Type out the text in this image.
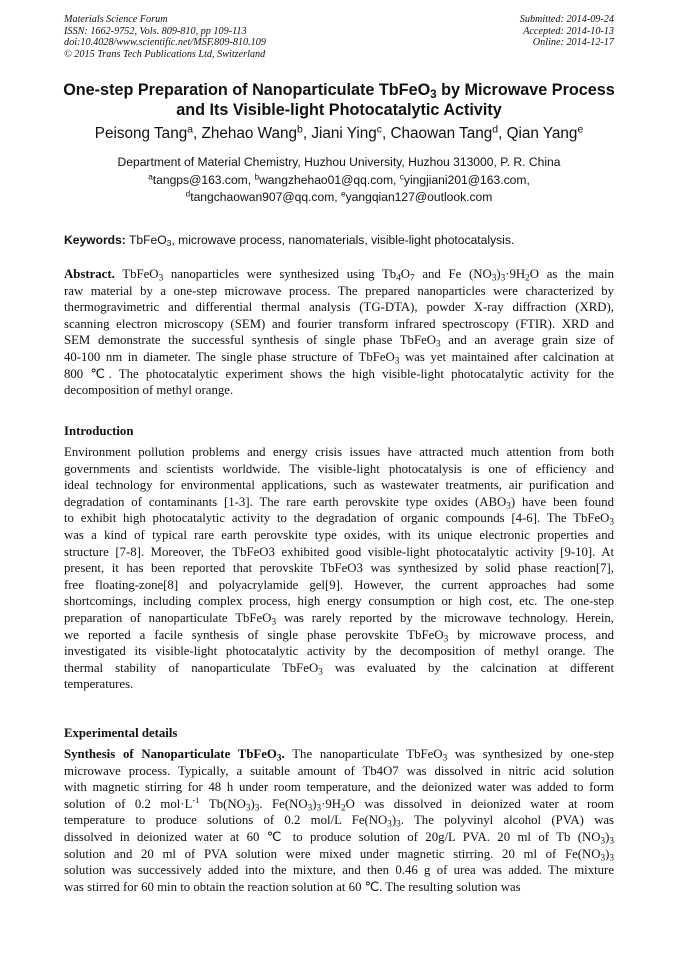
Materials Science Forum
ISSN: 1662-9752, Vols. 809-810, pp 109-113
doi:10.4028/www.scientific.net/MSF.809-810.109
© 2015 Trans Tech Publications Ltd, Switzerland
Submitted: 2014-09-24
Accepted: 2014-10-13
Online: 2014-12-17
One-step Preparation of Nanoparticulate TbFeO$_3$ by Microwave Process
and Its Visible-light Photocatalytic Activity
Peisong Tang$^a$, Zhehao Wang$^b$, Jiani Ying$^c$, Chaowan Tang$^d$, Qian Yang$^e$
Department of Material Chemistry, Huzhou University, Huzhou 313000, P. R. China
$^a$tangps@163.com, $^b$wangzhehao01@qq.com, $^c$yingjiani201@163.com,
$^d$tangchaowan907@qq.com, $^e$yangqian127@outlook.com
Keywords: TbFeO$_3$, microwave process, nanomaterials, visible-light photocatalysis.
Abstract. TbFeO$_3$ nanoparticles were synthesized using $Tb_4O_7$ and Fe $(NO_3)_3\cdot 9H_2O$ as the main
raw material by a one-step microwave process. The prepared nanoparticles were characterized by
thermogravimetric and differential thermal analysis (TG-DTA), powder X-ray diffraction (XRD),
scanning electron microscopy (SEM) and fourier transform infrared spectroscopy (FTIR). XRD and
SEM demonstrate the successful synthesis of single phase TbFeO$_3$ and an average grain size of
40-100 nm in diameter. The single phase structure of TbFeO$_3$ was yet maintained after calcination at
800 ℃. The photocatalytic experiment shows the high visible-light photocatalytic activity for the
decomposition of methyl orange.
Introduction
Environment pollution problems and energy crisis issues have attracted much attention from both
governments and scientists worldwide. The visible-light photocatalysis is one of efficiency and
ideal technology for environmental applications, such as wastewater treatments, air purification and
degradation of contaminants [1-3]. The rare earth perovskite type oxides $(ABO_3)$ have been found
to exhibit high photocatalytic activity to the degradation of organic compounds [4-6]. The TbFeO$_3$
was a kind of typical rare earth perovskite type oxides, with its unique electronic properties and
structure [7-8]. Moreover, the TbFeO3 exhibited good visible-light photocatalytic activity [9-10]. At
present, it has been reported that perovskite TbFeO3 was synthesized by solid phase reaction[7],
free floating-zone[8] and polyacrylamide gel[9]. However, the current approaches had some
shortcomings, including complex process, high energy consumption or high cost, etc. The one-step
preparation of nanoparticulate TbFeO$_3$ was rarely reported by the microwave technology. Herein,
we reported a facile synthesis of single phase perovskite TbFeO$_3$ by microwave process, and
investigated its visible-light photocatalytic activity by the decomposition of methyl orange. The
thermal stability of nanoparticulate TbFeO$_3$ was evaluated by the calcination at different
temperatures.
Experimental details
Synthesis of Nanoparticulate TbFeO$_3$. The nanoparticulate TbFeO$_3$ was synthesized by one-step
microwave process. Typically, a suitable amount of Tb4O7 was dissolved in nitric acid solution
with magnetic stirring for 48 h under room temperature, and the deionized water was added to form
solution of 0.2 $mol\cdot L^{-1}$ $Tb(NO_3)_3$. $Fe(NO_3)_3\cdot 9H_2O$ was dissolved in deionized water at room
temperature to produce solutions of 0.2 mol/L $Fe(NO_3)_3$. The polyvinyl alcohol (PVA) was
dissolved in deionized water at 60 ℃ to produce solution of 20g/L PVA. 20 ml of Tb $(NO_3)_3$
solution and 20 ml of PVA solution were mixed under magnetic stirring. 20 ml of $Fe(NO_3)_3$
solution was successively added into the mixture, and then 0.46 g of urea was added. The mixture
was stirred for 60 min to obtain the reaction solution at 60 ℃. The resulting solution was
